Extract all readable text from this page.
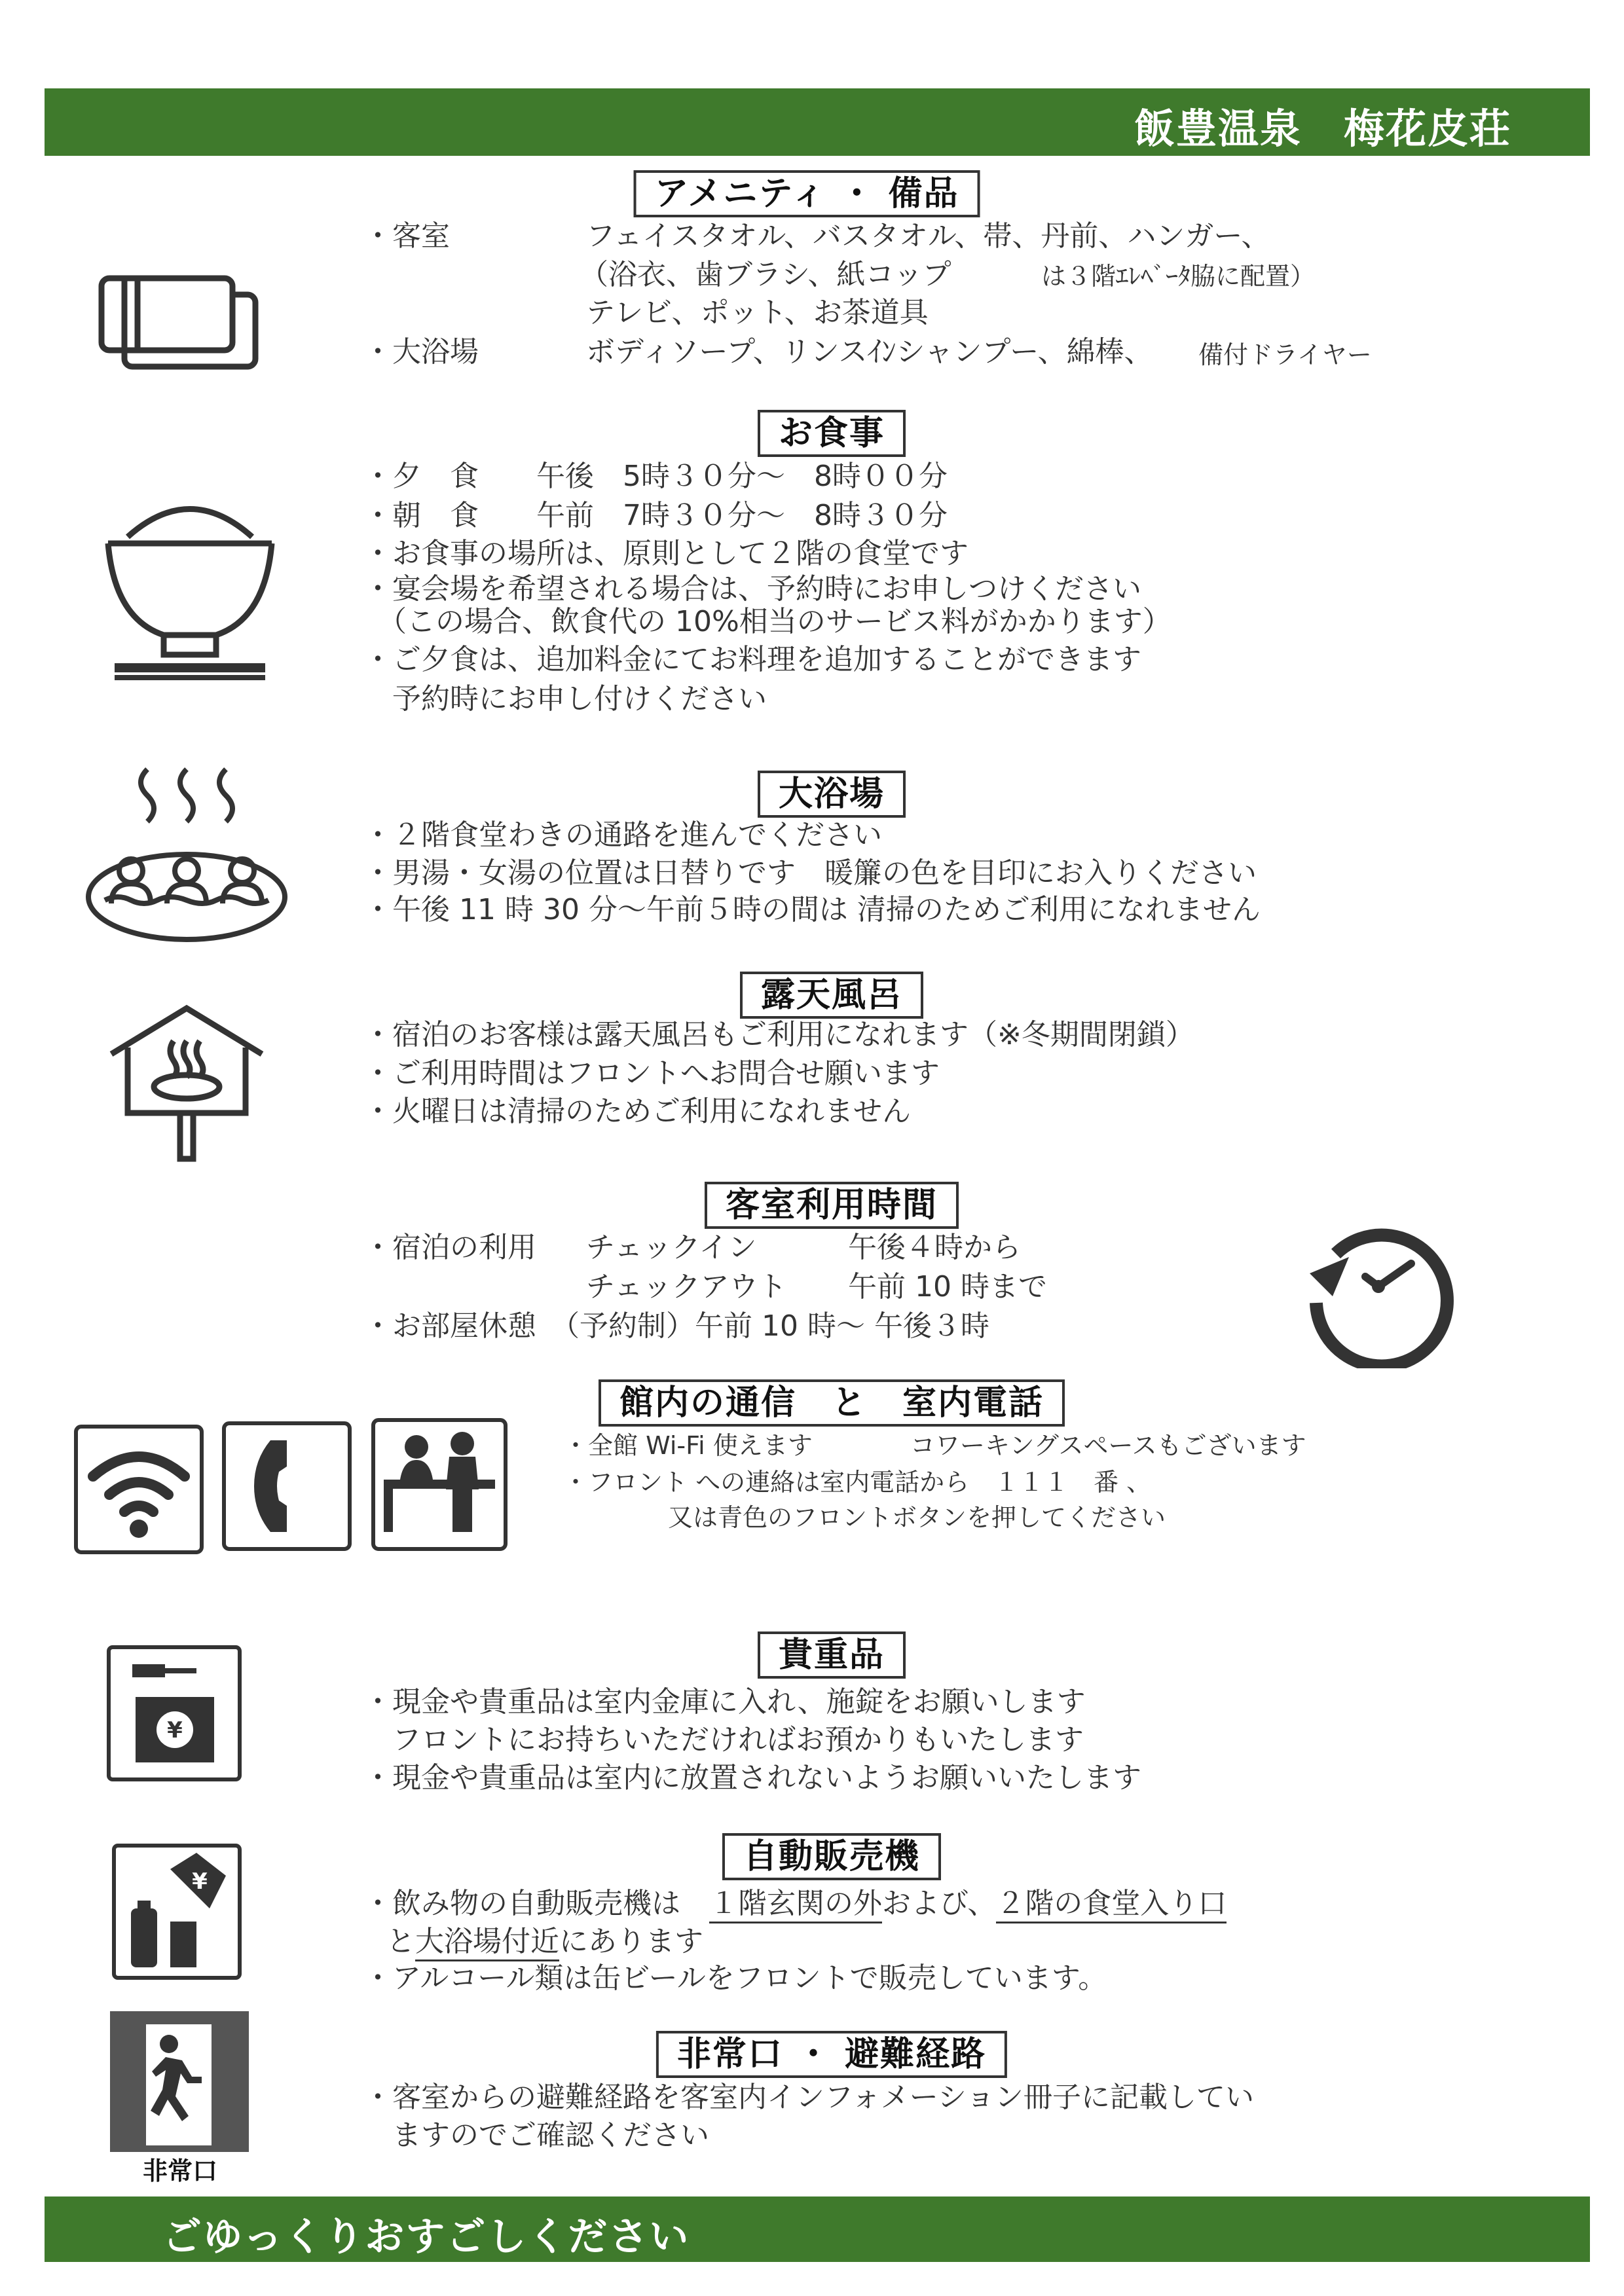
飯豊温泉　梅花皮荘
アメニティ ・ 備品
・客室	フェイスタオル、バスタオル、帯、丹前、ハンガー、
（浴衣、歯ブラシ、紙コップ	は３階ｴﾚﾍﾞｰﾀ脇に配置）
テレビ、ポット、お茶道具
・大浴場	ボディソープ、リンスｲﾝシャンプー、綿棒、 備付ドライヤー
お食事
・夕　食　　午後　5時３０分～　8時００分
・朝　食　　午前　7時３０分～　8時３０分
・お食事の場所は、原則として２階の食堂です
・宴会場を希望される場合は、予約時にお申しつけください
　（この場合、飲食代の 10%相当のサービス料がかかります）
・ご夕食は、追加料金にてお料理を追加することができます
　予約時にお申し付けください
大浴場
・２階食堂わきの通路を進んでください
・男湯・女湯の位置は日替りです　暖簾の色を目印にお入りください
・午後 11 時 30 分～午前５時の間は 清掃のためご利用になれません
露天風呂
・宿泊のお客様は露天風呂もご利用になれます（※冬期間閉鎖）
・ご利用時間はフロントへお問合せ願います
・火曜日は清掃のためご利用になれません
客室利用時間
・宿泊の利用 チェックイン	午後４時から
チェックアウト 午前 10 時まで
・お部屋休憩　（予約制）午前 10 時～ 午後３時
館内の通信　と　室内電話
・全館 Wi-Fi 使えます	コワーキングスペースもございます
・フロント への連絡は室内電話から　１１１　番 、
又は青色のフロントボタンを押してください
貴重品
¥
・現金や貴重品は室内金庫に入れ、施錠をお願いします
　フロントにお持ちいただければお預かりもいたします
・現金や貴重品は室内に放置されないようお願いいたします
自動販売機
¥
・飲み物の自動販売機は　１階玄関の外および、２階の食堂入り口
と大浴場付近にあります
・アルコール類は缶ビールをフロントで販売しています。
非常口 ・ 避難経路
非常口
・客室からの避難経路を客室内インフォメーション冊子に記載してい
　ますのでご確認ください
ごゆっくりおすごしください
